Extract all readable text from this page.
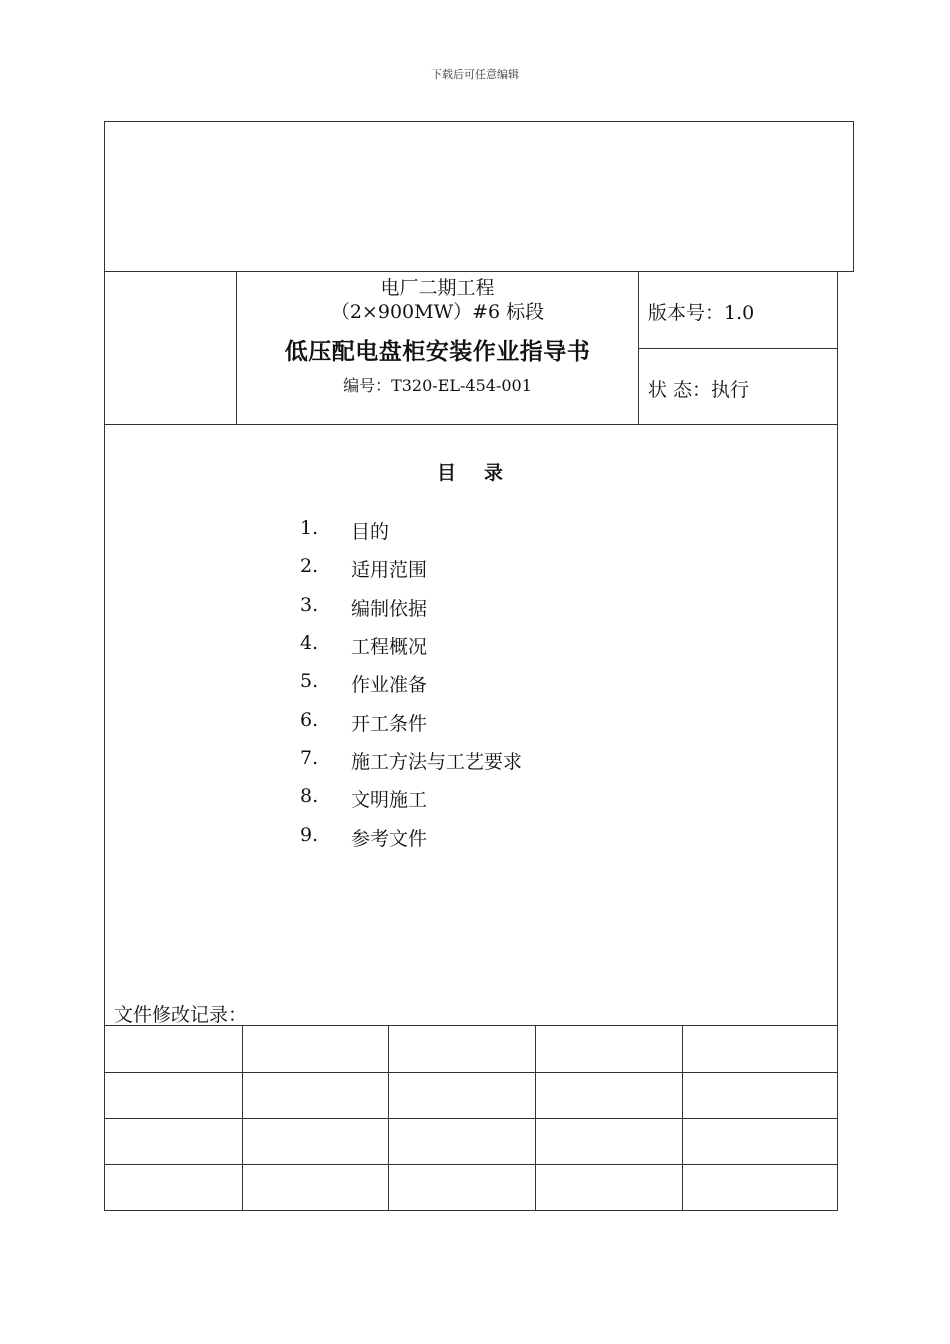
下载后可任意编辑
电厂二期工程
（2×900MW）#6 标段
低压配电盘柜安装作业指导书
编号：T320-EL-454-001
版本号：1.0
状 态：执行
目录
1. 目的
2. 适用范围
3. 编制依据
4. 工程概况
5. 作业准备
6. 开工条件
7. 施工方法与工艺要求
8. 文明施工
9. 参考文件
文件修改记录：
